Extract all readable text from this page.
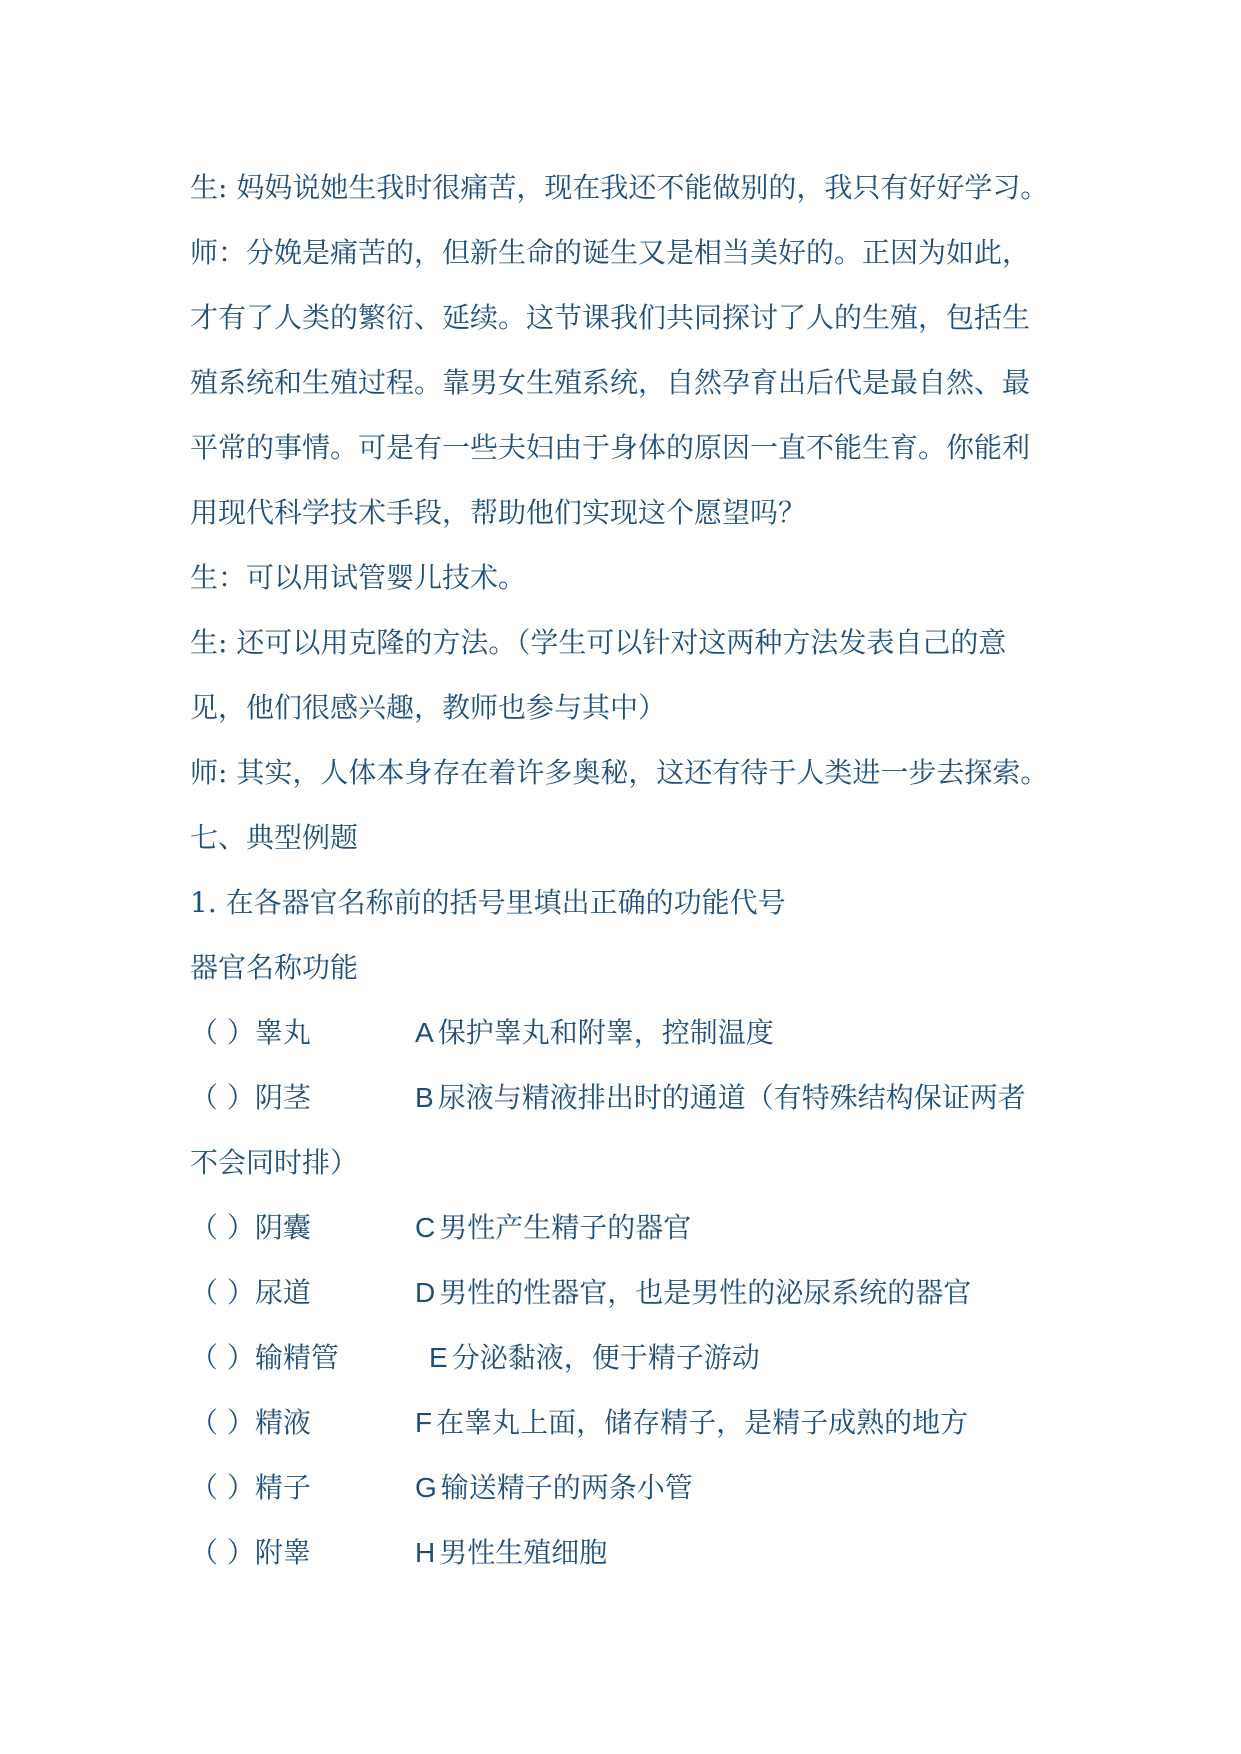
生: 妈妈说她生我时很痛苦，现在我还不能做别的，我只有好好学习。
师：分娩是痛苦的，但新生命的诞生又是相当美好的。正因为如此，
才有了人类的繁衍、延续。这节课我们共同探讨了人的生殖，包括生
殖系统和生殖过程。靠男女生殖系统，自然孕育出后代是最自然、最
平常的事情。可是有一些夫妇由于身体的原因一直不能生育。你能利
用现代科学技术手段，帮助他们实现这个愿望吗？
生：可以用试管婴儿技术。
生: 还可以用克隆的方法。（学生可以针对这两种方法发表自己的意
见，他们很感兴趣，教师也参与其中）
师: 其实，人体本身存在着许多奥秘，这还有待于人类进一步去探索。
七、典型例题
1. 在各器官名称前的括号里填出正确的功能代号
器官名称功能
（ ）睾丸	A 保护睾丸和附睾，控制温度
（ ）阴茎	B 尿液与精液排出时的通道（有特殊结构保证两者
不会同时排）
（ ）阴囊	C 男性产生精子的器官
（ ）尿道	D 男性的性器官，也是男性的泌尿系统的器官
（ ）输精管	E 分泌黏液，便于精子游动
（ ）精液	F 在睾丸上面，储存精子，是精子成熟的地方
（ ）精子	G 输送精子的两条小管
（ ）附睾	H 男性生殖细胞
